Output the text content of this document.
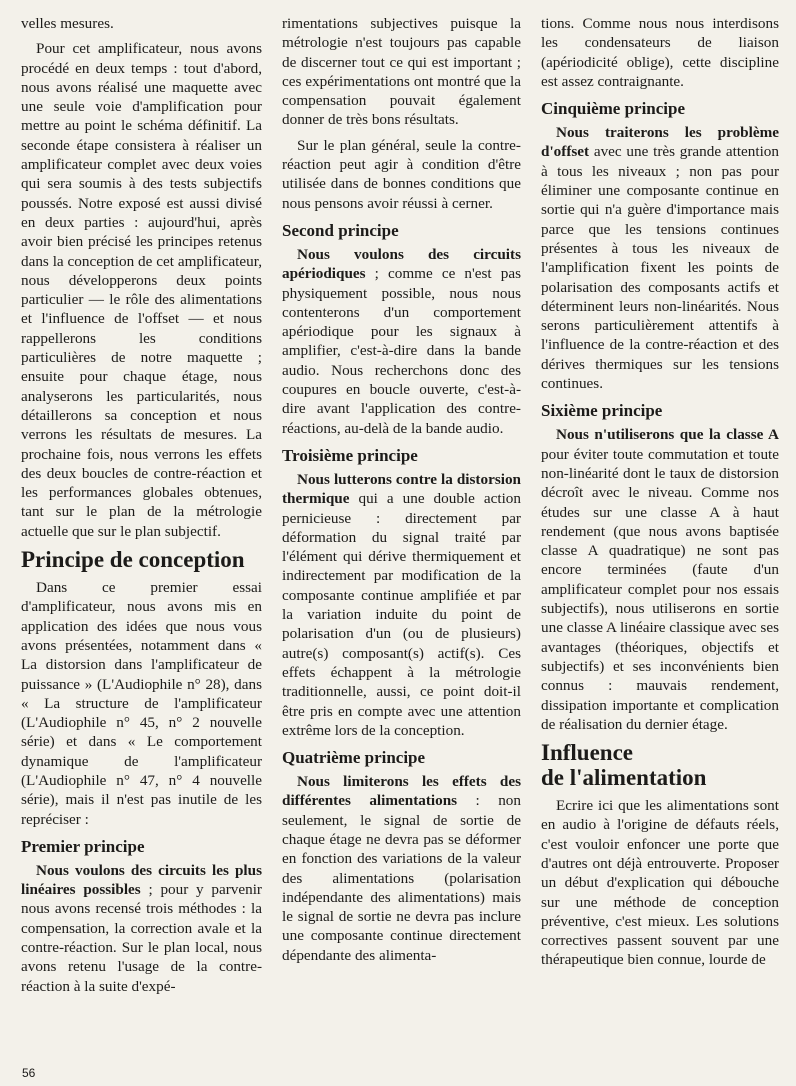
velles mesures.

Pour cet amplificateur, nous avons procédé en deux temps : tout d'abord, nous avons réalisé une maquette avec une seule voie d'amplification pour mettre au point le schéma définitif. La seconde étape consistera à réaliser un amplificateur complet avec deux voies qui sera soumis à des tests subjectifs poussés. Notre exposé est aussi divisé en deux parties : aujourd'hui, après avoir bien précisé les principes retenus dans la conception de cet amplificateur, nous développerons deux points particulier — le rôle des alimentations et l'influence de l'offset — et nous rappellerons les conditions particulières de notre maquette ; ensuite pour chaque étage, nous analyserons les particularités, nous détaillerons sa conception et nous verrons les résultats de mesures. La prochaine fois, nous verrons les effets des deux boucles de contre-réaction et les performances globales obtenues, tant sur le plan de la métrologie actuelle que sur le plan subjectif.

Principe de conception

Dans ce premier essai d'amplificateur, nous avons mis en application des idées que nous vous avons présentées, notamment dans « La distorsion dans l'amplificateur de puissance » (L'Audiophile n° 28), dans « La structure de l'amplificateur (L'Audiophile n° 45, n° 2 nouvelle série) et dans « Le comportement dynamique de l'amplificateur (L'Audiophile n° 47, n° 4 nouvelle série), mais il n'est pas inutile de les repréciser :

Premier principe

Nous voulons des circuits les plus linéaires possibles ; pour y parvenir nous avons recensé trois méthodes : la compensation, la correction avale et la contre-réaction. Sur le plan local, nous avons retenu l'usage de la contre-réaction à la suite d'expé-

rimentations subjectives puisque la métrologie n'est toujours pas capable de discerner tout ce qui est important ; ces expérimentations ont montré que la compensation pouvait également donner de très bons résultats.

Sur le plan général, seule la contre-réaction peut agir à condition d'être utilisée dans de bonnes conditions que nous pensons avoir réussi à cerner.

Second principe

Nous voulons des circuits apériodiques ; comme ce n'est pas physiquement possible, nous nous contenterons d'un comportement apériodique pour les signaux à amplifier, c'est-à-dire dans la bande audio. Nous recherchons donc des coupures en boucle ouverte, c'est-à-dire avant l'application des contre-réactions, au-delà de la bande audio.

Troisième principe

Nous lutterons contre la distorsion thermique qui a une double action pernicieuse : directement par déformation du signal traité par l'élément qui dérive thermiquement et indirectement par modification de la composante continue amplifiée et par la variation induite du point de polarisation d'un (ou de plusieurs) autre(s) composant(s) actif(s). Ces effets échappent à la métrologie traditionnelle, aussi, ce point doit-il être pris en compte avec une attention extrême lors de la conception.

Quatrième principe

Nous limiterons les effets des différentes alimentations : non seulement, le signal de sortie de chaque étage ne devra pas se déformer en fonction des variations de la valeur des alimentations (polarisation indépendante des alimentations) mais le signal de sortie ne devra pas inclure une composante continue directement dépendante des alimenta-

tions. Comme nous nous interdisons les condensateurs de liaison (apériodicité oblige), cette discipline est assez contraignante.

Cinquième principe

Nous traiterons les problème d'offset avec une très grande attention à tous les niveaux ; non pas pour éliminer une composante continue en sortie qui n'a guère d'importance mais parce que les tensions continues présentes à tous les niveaux de l'amplification fixent les points de polarisation des composants actifs et déterminent leurs non-linéarités. Nous serons particulièrement attentifs à l'influence de la contre-réaction et des dérives thermiques sur les tensions continues.

Sixième principe

Nous n'utiliserons que la classe A pour éviter toute commutation et toute non-linéarité dont le taux de distorsion décroît avec le niveau. Comme nos études sur une classe A à haut rendement (que nous avons baptisée classe A quadratique) ne sont pas encore terminées (faute d'un amplificateur complet pour nos essais subjectifs), nous utiliserons en sortie une classe A linéaire classique avec ses avantages (théoriques, objectifs et subjectifs) et ses inconvénients bien connus : mauvais rendement, dissipation importante et complication de réalisation du dernier étage.

Influence
de l'alimentation

Ecrire ici que les alimentations sont en audio à l'origine de défauts réels, c'est vouloir enfoncer une porte que d'autres ont déjà entrouverte. Proposer un début d'explication qui débouche sur une méthode de conception préventive, c'est mieux. Les solutions correctives passent souvent par une thérapeutique bien connue, lourde de

56
